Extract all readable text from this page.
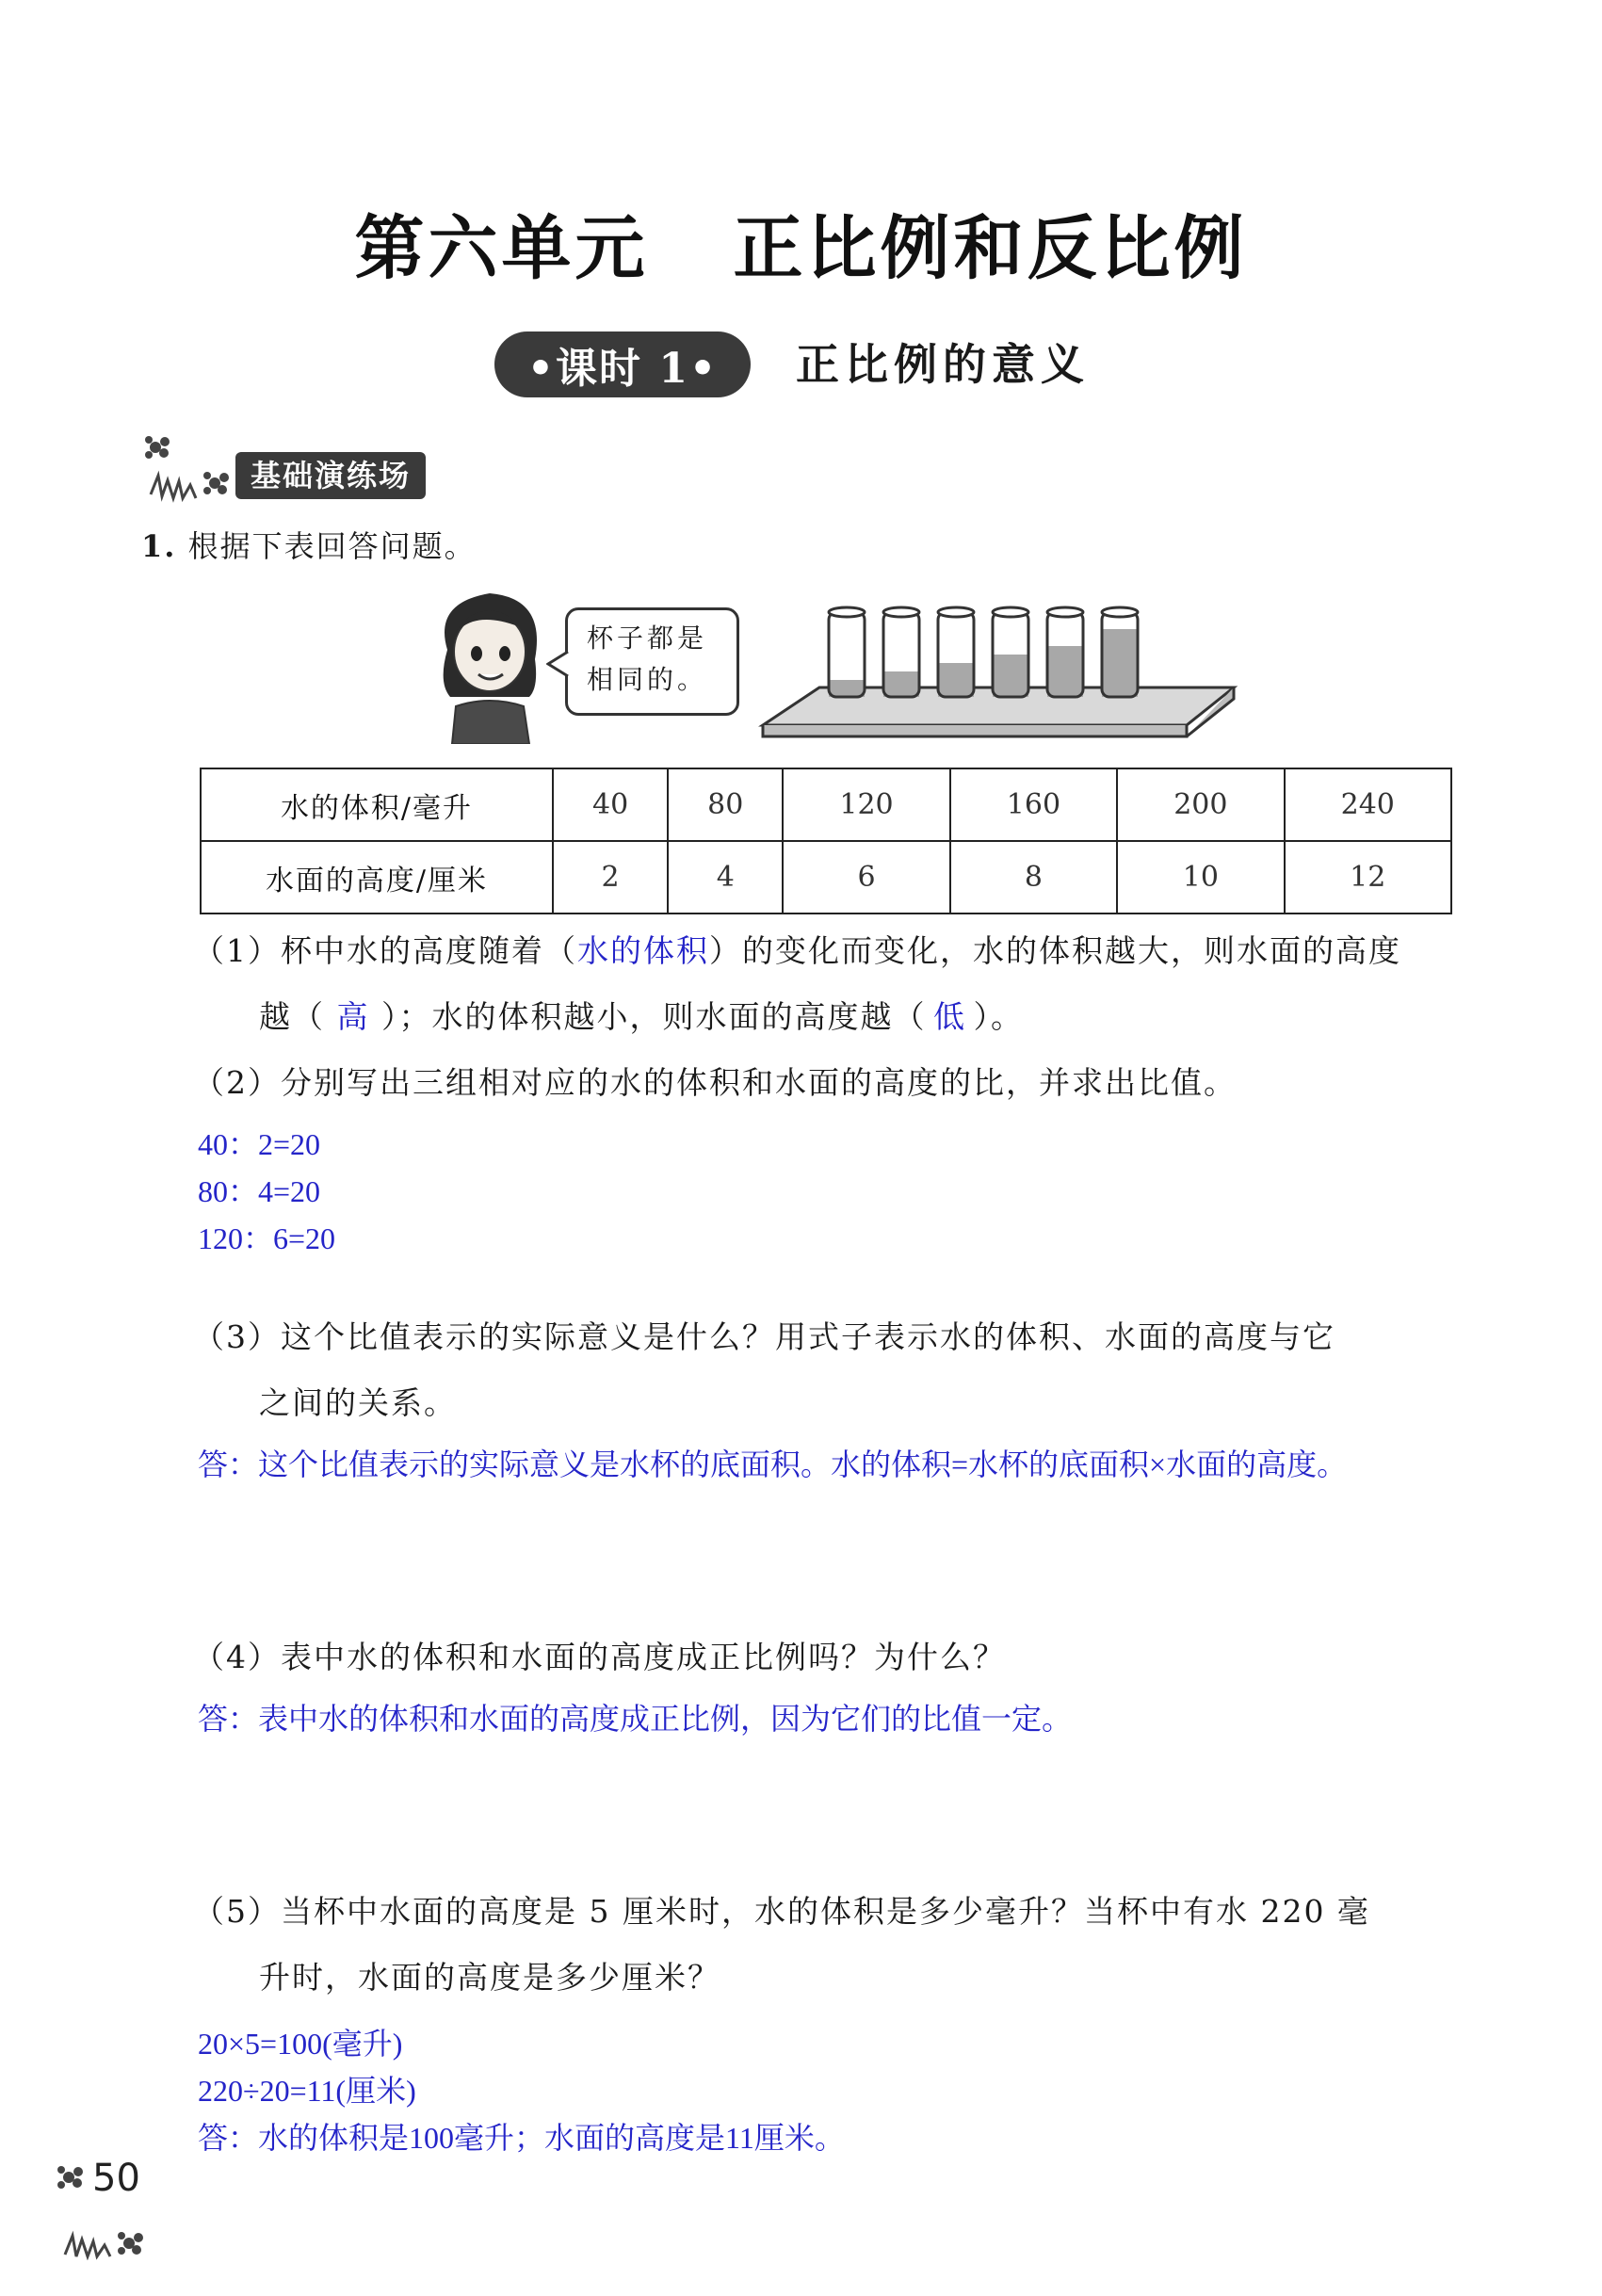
第六单元 正比例和反比例
•课时 1•	正比例的意义
基础演练场
1. 根据下表回答问题。
杯子都是
相同的。
水的体积/毫升	40	80	120	160	200	240
水面的高度/厘米	2	4	6	8	10	12
（1）杯中水的高度随着（水的体积）的变化而变化，水的体积越大，则水面的高度
越（ 高 ）；水的体积越小，则水面的高度越（ 低 ）。
（2）分别写出三组相对应的水的体积和水面的高度的比，并求出比值。
40：2=20
80：4=20
120：6=20
（3）这个比值表示的实际意义是什么？用式子表示水的体积、水面的高度与它
之间的关系。
答：这个比值表示的实际意义是水杯的底面积。水的体积=水杯的底面积×水面的高度。
（4）表中水的体积和水面的高度成正比例吗？为什么？
答：表中水的体积和水面的高度成正比例，因为它们的比值一定。
（5）当杯中水面的高度是 5 厘米时，水的体积是多少毫升？当杯中有水 220 毫
升时，水面的高度是多少厘米？
20×5=100(毫升)
220÷20=11(厘米)
答：水的体积是100毫升；水面的高度是11厘米。
50
